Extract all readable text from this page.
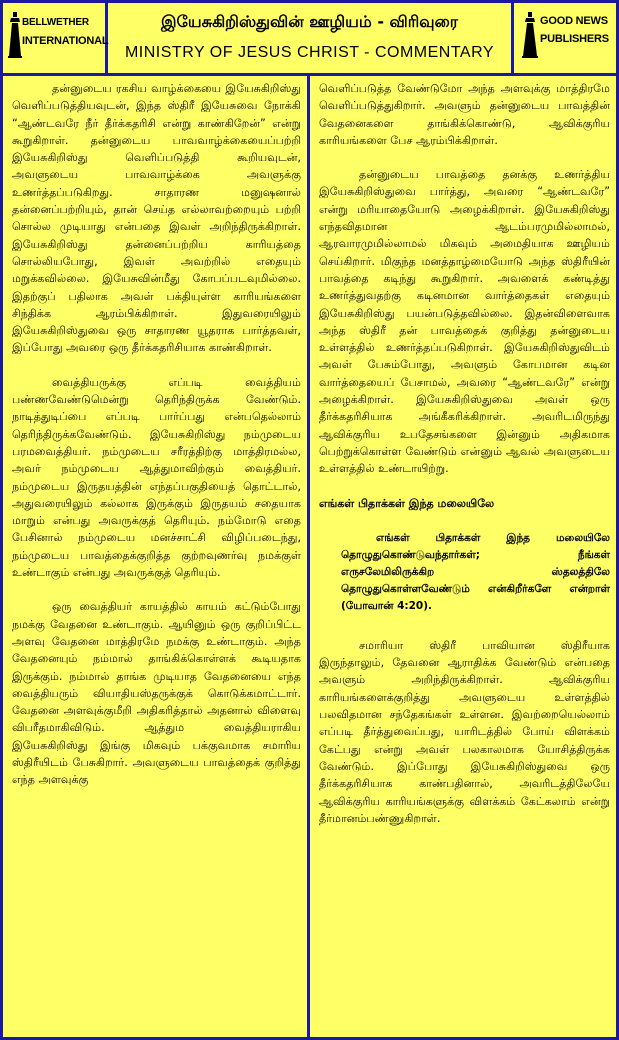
BELLWETHER
INTERNATIONAL
இயேசுகிறிஸ்துவின் ஊழியம் - விரிவுரை
MINISTRY OF JESUS CHRIST - COMMENTARY
GOOD NEWS
PUBLISHERS

தன்னுடைய ரகசிய வாழ்க்கையை இயேசுகிறிஸ்து வெளிப்படுத்தியவுடன், இந்த ஸ்திரீ இயேசுவை நோக்கி “ஆண்டவரே நீர் தீர்க்கதரிசி என்று காண்கிறேன்” என்று கூறுகிறாள். தன்னுடைய பாவவாழ்க்கையைப்பற்றி இயேசுகிறிஸ்து வெளிப்படுத்தி கூறியவுடன், அவளுடைய பாவவாழ்க்கை அவளுக்கு உணர்த்தப்படுகிறது. சாதாரண மனுஷனால் தன்னைப்பற்றியும், தான் செய்த எல்லாவற்றையும் பற்றி சொல்ல முடியாது என்பதை இவள் அறிந்திருக்கிறாள். இயேசுகிறிஸ்து தன்னைப்பற்றிய காரியத்தை சொல்லியபோது, இவள் அவற்றில் எதையும் மறுக்கவில்லை. இயேசுவின்மீது கோபப்படவுமில்லை. இதற்குப் பதிலாக அவள் பக்தியுள்ள காரியங்களை சிந்திக்க ஆரம்பிக்கிறாள். இதுவரையிலும் இயேசுகிறிஸ்துவை ஒரு சாதாரண யூதராக பார்த்தவள், இப்போது அவரை ஒரு தீர்க்கதரிசியாக காண்கிறாள்.

வைத்தியருக்கு எப்படி வைத்தியம் பண்ணவேண்டுமென்று தெரிந்திருக்க வேண்டும். நாடித்துடிப்பை எப்படி பார்ப்பது என்பதெல்லாம் தெரிந்திருக்கவேண்டும். இயேசுகிறிஸ்து நம்முடைய பரமவைத்தியர். நம்முடைய சரீரத்திற்கு மாத்திரமல்ல, அவர் நம்முடைய ஆத்துமாவிற்கும் வைத்தியர். நம்முடைய இருதயத்தின் எந்தப்பகுதியைத் தொட்டால், அதுவரையிலும் கல்லாக இருக்கும் இருதயம் சதையாக மாறும் என்பது அவருக்குத் தெரியும். நம்மோடு எதை பேசினால் நம்முடைய மனச்சாட்சி விழிப்படைந்து, நம்முடைய பாவத்தைக்குறித்த குற்றவுணர்வு நமக்குள் உண்டாகும் என்பது அவருக்குத் தெரியும்.

ஒரு வைத்தியர் காயத்தில் காயம் கட்டும்போது நமக்கு வேதனை உண்டாகும். ஆயினும் ஒரு குறிப்பிட்ட அளவு வேதனை மாத்திரமே நமக்கு உண்டாகும். அந்த வேதனையும் நம்மால் தாங்கிக்கொள்ளக் கூடியதாக இருக்கும். நம்மால் தாங்க முடியாத வேதனையை எந்த வைத்தியரும் வியாதியஸ்தருக்குக் கொடுக்கமாட்டார். வேதனை அளவுக்குமீறி அதிகரித்தால் அதனால் விளைவு விபரீதமாகிவிடும். ஆத்தும வைத்தியராகிய இயேசுகிறிஸ்து இங்கு மிகவும் பக்குவமாக சமாரிய ஸ்திரீயிடம் பேசுகிறார். அவளுடைய பாவத்தைக் குறித்து எந்த அளவுக்கு

வெளிப்படுத்த வேண்டுமோ அந்த அளவுக்கு மாத்திரமே வெளிப்படுத்துகிறார். அவளும் தன்னுடைய பாவத்தின் வேதனைகளை தாங்கிக்கொண்டு, ஆவிக்குரிய காரியங்களை பேச ஆரம்பிக்கிறாள்.

தன்னுடைய பாவத்தை தனக்கு உணர்த்திய இயேசுகிறிஸ்துவை பார்த்து, அவரை “ஆண்டவரே” என்று மரியாதையோடு அழைக்கிறாள். இயேசுகிறிஸ்து எந்தவிதமான ஆடம்பரமுமில்லாமல், ஆரவாரமுமில்லாமல் மிகவும் அமைதியாக ஊழியம் செய்கிறார். மிகுந்த மனத்தாழ்மையோடு அந்த ஸ்திரீயின் பாவத்தை கடிந்து கூறுகிறார். அவளைக் கண்டித்து உணர்த்துவதற்கு கடினமான வார்த்தைகள் எதையும் இயேசுகிறிஸ்து பயன்படுத்தவில்லை. இதன்விளைவாக அந்த ஸ்திரீ தன் பாவத்தைக் குறித்து தன்னுடைய உள்ளத்தில் உணர்த்தப்படுகிறாள். இயேசுகிறிஸ்துவிடம் அவள் பேசும்போது, அவளும் கோபமான கடின வார்த்தையைப் பேசாமல், அவரை “ஆண்டவரே” என்று அழைக்கிறாள். இயேசுகிறிஸ்துவை அவள் ஒரு தீர்க்கதரிசியாக அங்கீகரிக்கிறாள். அவரிடமிருந்து ஆவிக்குரிய உபதேசங்களை இன்னும் அதிகமாக பெற்றுக்கொள்ள வேண்டும் என்னும் ஆவல் அவளுடைய உள்ளத்தில் உண்டாயிற்று.

எங்கள் பிதாக்கள் இந்த மலையிலே

எங்கள் பிதாக்கள் இந்த மலையிலே தொழுதுகொண்டுவந்தார்கள்; நீங்கள் எருசலேமிலிருக்கிற ஸ்தலத்திலே தொழுதுகொள்ளவேண்டும் என்கிறீர்களே என்றாள் (யோவான் 4:20).

சமாரியா ஸ்திரீ பாவியான ஸ்திரீயாக இருந்தாலும், தேவனை ஆராதிக்க வேண்டும் என்பதை அவளும் அறிந்திருக்கிறாள். ஆவிக்குரிய காரியங்களைக்குறித்து அவளுடைய உள்ளத்தில் பலவிதமான சந்தேகங்கள் உள்ளன. இவற்றையெல்லாம் எப்படி தீர்த்துவைப்பது, யாரிடத்தில் போய் விளக்கம் கேட்பது என்று அவள் பலகாலமாக யோசித்திருக்க வேண்டும். இப்போது இயேசுகிறிஸ்துவை ஒரு தீர்க்கதரிசியாக காண்பதினால், அவரிடத்திலேயே ஆவிக்குரிய காரியங்களுக்கு விளக்கம் கேட்கலாம் என்று தீர்மானம்பண்ணுகிறாள்.
